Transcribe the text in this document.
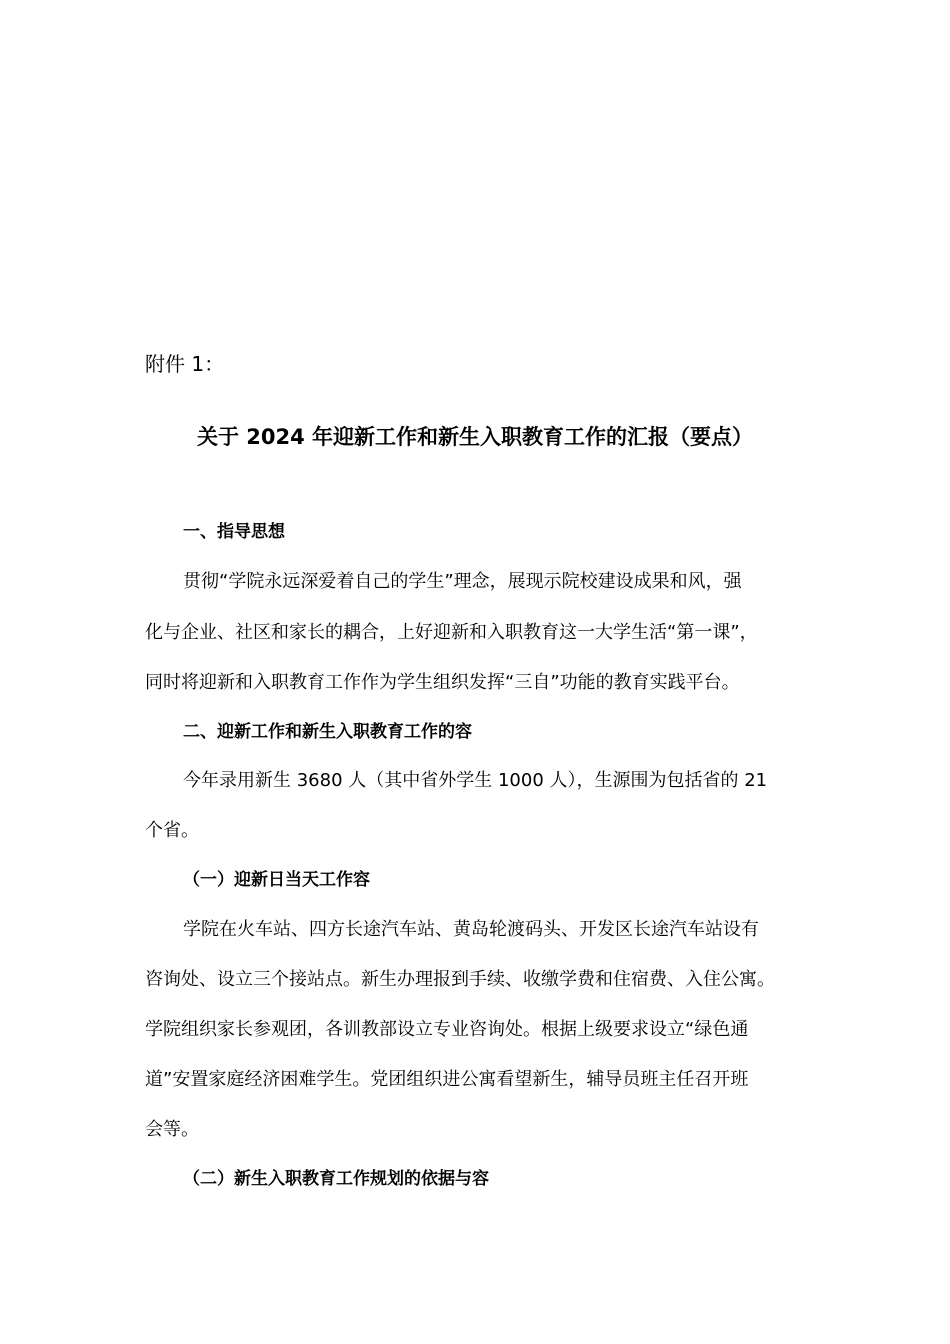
附件 1：
关于 2024 年迎新工作和新生入职教育工作的汇报（要点）
一、指导思想
贯彻“学院永远深爱着自己的学生”理念，展现示院校建设成果和风，强
化与企业、社区和家长的耦合，上好迎新和入职教育这一大学生活“第一课”，
同时将迎新和入职教育工作作为学生组织发挥“三自”功能的教育实践平台。
二、迎新工作和新生入职教育工作的容
今年录用新生 3680 人（其中省外学生 1000 人），生源围为包括省的 21
个省。
（一）迎新日当天工作容
学院在火车站、四方长途汽车站、黄岛轮渡码头、开发区长途汽车站设有
咨询处、设立三个接站点。新生办理报到手续、收缴学费和住宿费、入住公寓。
学院组织家长参观团，各训教部设立专业咨询处。根据上级要求设立“绿色通
道”安置家庭经济困难学生。党团组织进公寓看望新生，辅导员班主任召开班
会等。
（二）新生入职教育工作规划的依据与容
